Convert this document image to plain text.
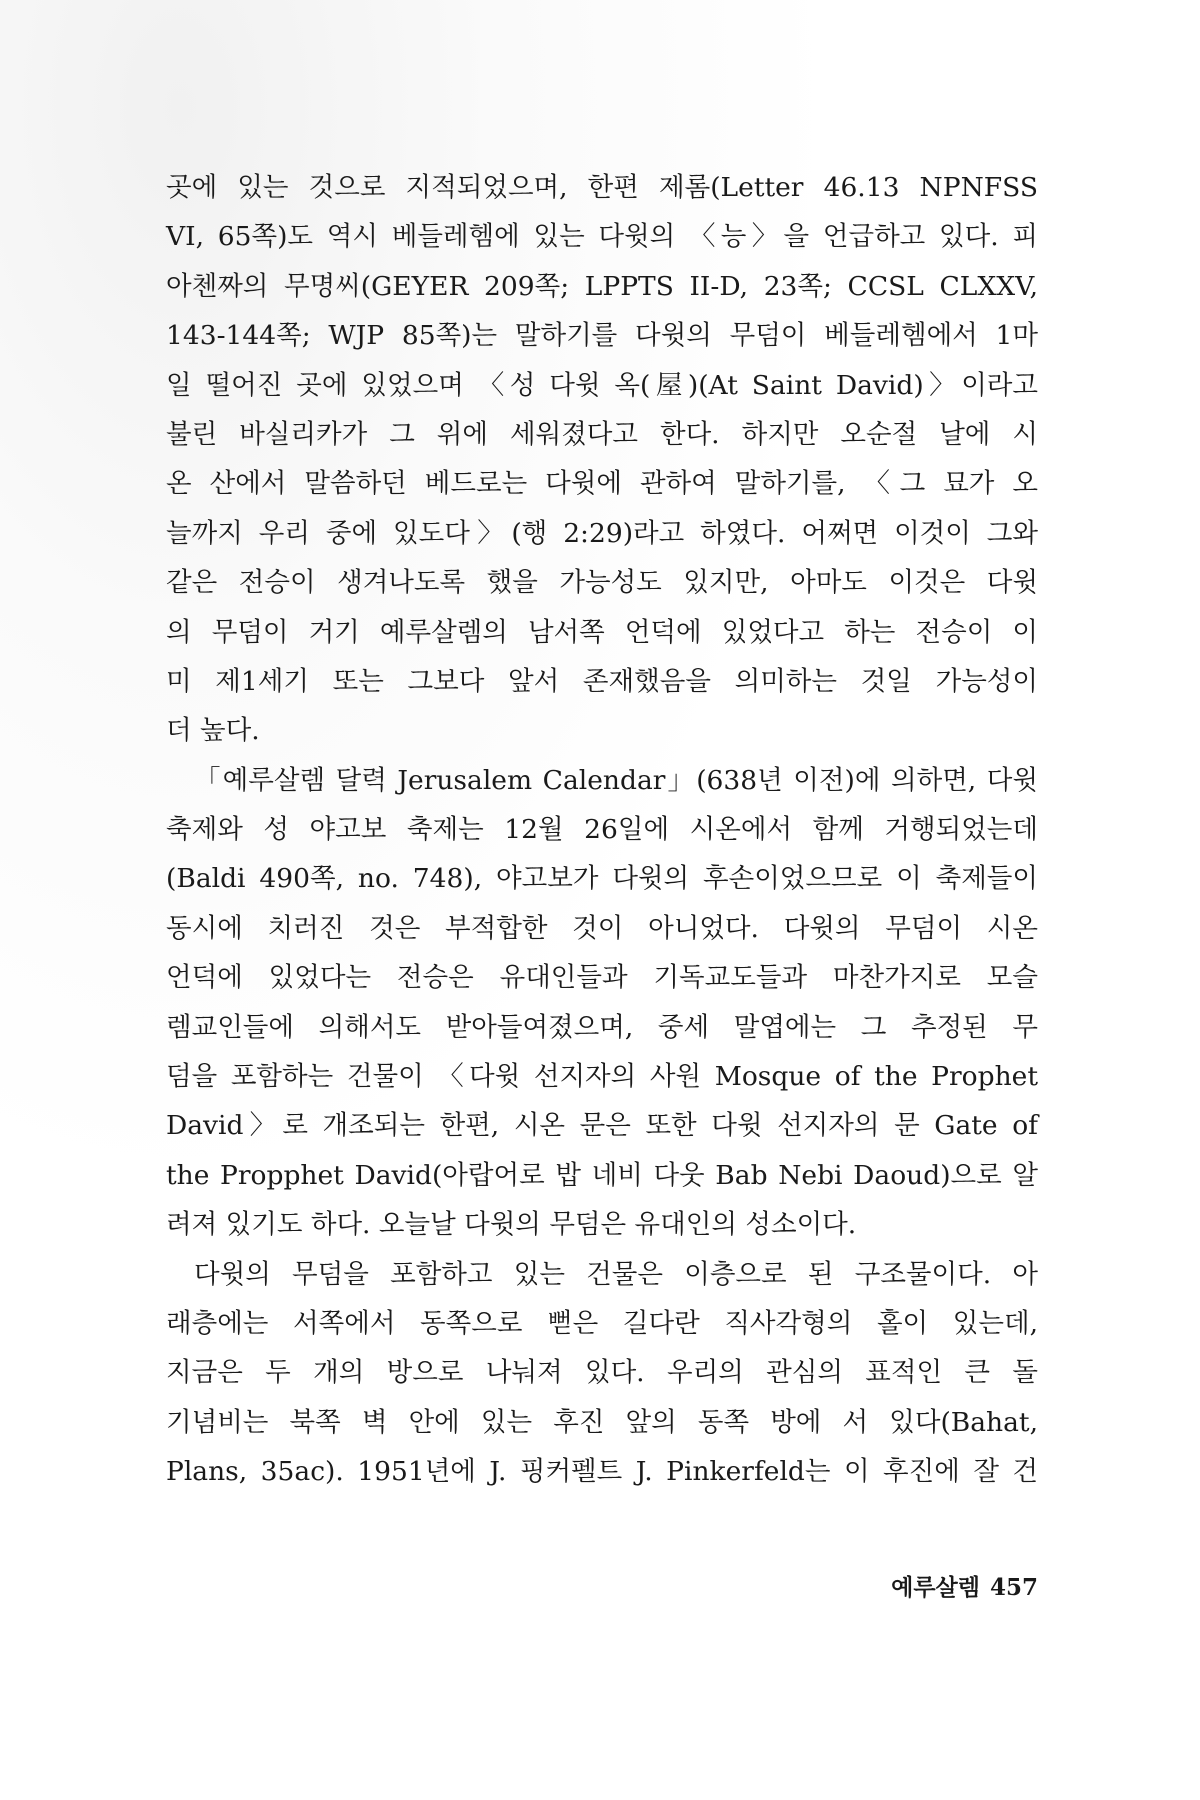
곳에 있는 것으로 지적되었으며, 한편 제롬(Letter 46.13 NPNFSS
VI, 65쪽)도 역시 베들레헴에 있는 다윗의 〈능〉을 언급하고 있다. 피
아첸짜의 무명씨(GEYER 209쪽; LPPTS II-D, 23쪽; CCSL CLXXV,
143-144쪽; WJP 85쪽)는 말하기를 다윗의 무덤이 베들레헴에서 1마
일 떨어진 곳에 있었으며 〈성 다윗 옥(屋)(At Saint David)〉이라고
불린 바실리카가 그 위에 세워졌다고 한다. 하지만 오순절 날에 시
온 산에서 말씀하던 베드로는 다윗에 관하여 말하기를, 〈그 묘가 오
늘까지 우리 중에 있도다〉(행 2:29)라고 하였다. 어쩌면 이것이 그와
같은 전승이 생겨나도록 했을 가능성도 있지만, 아마도 이것은 다윗
의 무덤이 거기 예루살렘의 남서쪽 언덕에 있었다고 하는 전승이 이
미 제1세기 또는 그보다 앞서 존재했음을 의미하는 것일 가능성이
더 높다.
「예루살렘 달력 Jerusalem Calendar」(638년 이전)에 의하면, 다윗
축제와 성 야고보 축제는 12월 26일에 시온에서 함께 거행되었는데
(Baldi 490쪽, no. 748), 야고보가 다윗의 후손이었으므로 이 축제들이
동시에 치러진 것은 부적합한 것이 아니었다. 다윗의 무덤이 시온
언덕에 있었다는 전승은 유대인들과 기독교도들과 마찬가지로 모슬
렘교인들에 의해서도 받아들여졌으며, 중세 말엽에는 그 추정된 무
덤을 포함하는 건물이 〈다윗 선지자의 사원 Mosque of the Prophet
David〉로 개조되는 한편, 시온 문은 또한 다윗 선지자의 문 Gate of
the Propphet David(아랍어로 밥 네비 다웃 Bab Nebi Daoud)으로 알
려져 있기도 하다. 오늘날 다윗의 무덤은 유대인의 성소이다.
다윗의 무덤을 포함하고 있는 건물은 이층으로 된 구조물이다. 아
래층에는 서쪽에서 동쪽으로 뻗은 길다란 직사각형의 홀이 있는데,
지금은 두 개의 방으로 나눠져 있다. 우리의 관심의 표적인 큰 돌
기념비는 북쪽 벽 안에 있는 후진 앞의 동쪽 방에 서 있다(Bahat,
Plans, 35ac). 1951년에 J. 핑커펠트 J. Pinkerfeld는 이 후진에 잘 건
예루살렘 457
